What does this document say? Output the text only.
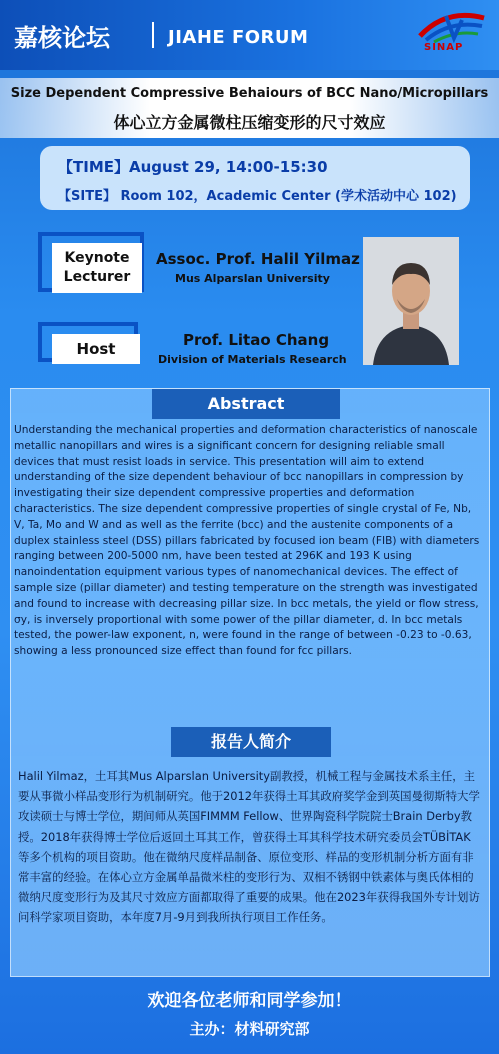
嘉核论坛	JIAHE FORUM	SINAP
Size Dependent Compressive Behaiours of BCC Nano/Micropillars
体心立方金属微柱压缩变形的尺寸效应
【TIME】August 29, 14:00-15:30
【SITE】 Room 102，Academic Center (学术活动中心 102)
Keynote Lecturer
Assoc. Prof. Halil Yilmaz
Mus Alparslan University
Host	Prof. Litao Chang
Division of Materials Research
Abstract
Understanding the mechanical properties and deformation characteristics of nanoscale metallic nanopillars and wires is a significant concern for designing reliable small devices that must resist loads in service. This presentation will aim to extend understanding of the size dependent behaviour of bcc nanopillars in compression by investigating their size dependent compressive properties and deformation characteristics. The size dependent compressive properties of single crystal of Fe, Nb, V, Ta, Mo and W and as well as the ferrite (bcc) and the austenite components of a duplex stainless steel (DSS) pillars fabricated by focused ion beam (FIB) with diameters ranging between 200-5000 nm, have been tested at 296K and 193 K using nanoindentation equipment various types of nanomechanical devices. The effect of sample size (pillar diameter) and testing temperature on the strength was investigated and found to increase with decreasing pillar size. In bcc metals, the yield or flow stress, σy, is inversely proportional with some power of the pillar diameter, d. In bcc metals tested, the power-law exponent, n, were found in the range of between -0.23 to -0.63, showing a less pronounced size effect than found for fcc pillars.
报告人简介
Halil Yilmaz，土耳其Mus Alparslan University副教授，机械工程与金属技术系主任，主要从事微小样品变形行为机制研究。他于2012年获得土耳其政府奖学金到英国曼彻斯特大学攻读硕士与博士学位，期间师从英国FIMMM Fellow、世界陶瓷科学院院士Brain Derby教授。2018年获得博士学位后返回土耳其工作，曾获得土耳其科学技术研究委员会TÜBİTAK等多个机构的项目资助。他在微纳尺度样品制备、原位变形、样品的变形机制分析方面有非常丰富的经验。在体心立方金属单晶微米柱的变形行为、双相不锈钢中铁素体与奥氏体相的微纳尺度变形行为及其尺寸效应方面都取得了重要的成果。他在2023年获得我国外专计划访问科学家项目资助，本年度7月-9月到我所执行项目工作任务。
欢迎各位老师和同学参加！
主办：材料研究部
